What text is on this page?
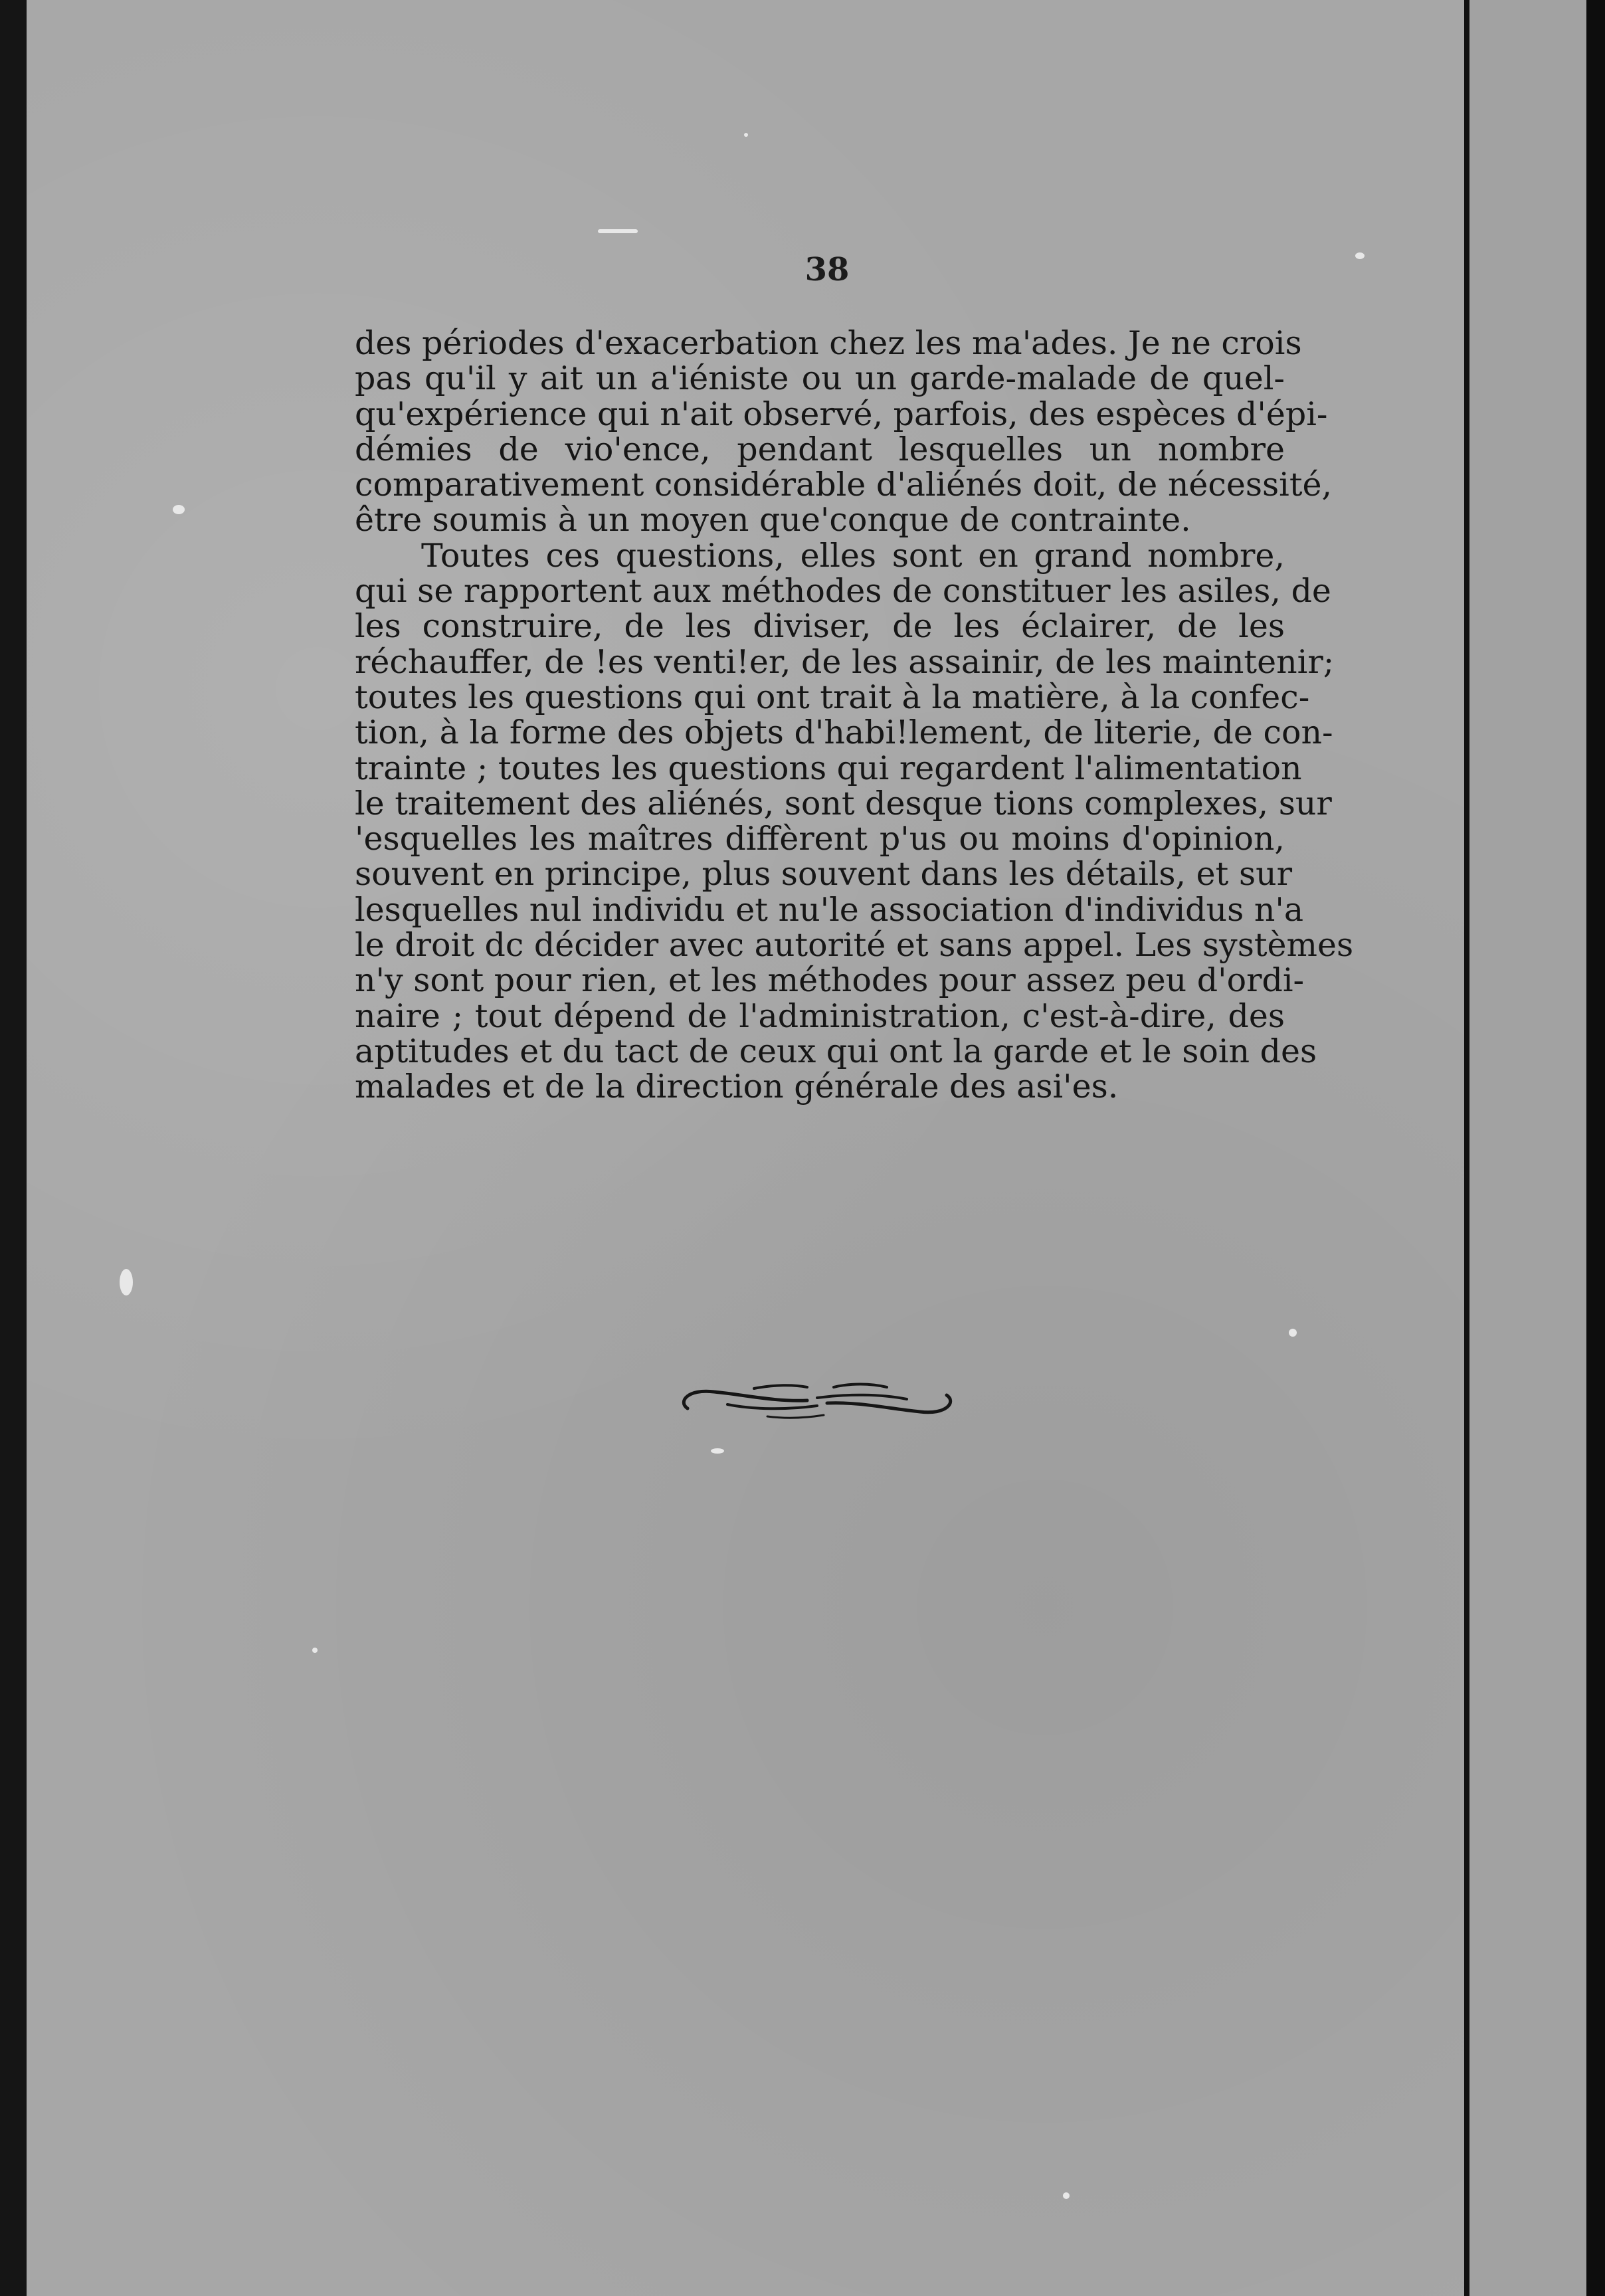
38

des périodes d'exacerbation chez les ma'ades. Je ne crois
pas qu'il y ait un a'iéniste ou un garde-malade de quel-
qu'expérience qui n'ait observé, parfois, des espèces d'épi-
démies de vio'ence, pendant lesquelles un nombre
comparativement considérable d'aliénés doit, de nécessité,
être soumis à un moyen que'conque de contrainte.

Toutes ces questions, elles sont en grand nombre,
qui se rapportent aux méthodes de constituer les asiles, de
les construire, de les diviser, de les éclairer, de les
réchauffer, de !es venti!er, de les assainir, de les maintenir;
toutes les questions qui ont trait à la matière, à la confec-
tion, à la forme des objets d'habi!lement, de literie, de con-
trainte ; toutes les questions qui regardent l'alimentation
le traitement des aliénés, sont desque tions complexes, sur
'esquelles les maîtres diffèrent p'us ou moins d'opinion,
souvent en principe, plus souvent dans les détails, et sur
lesquelles nul individu et nu'le association d'individus n'a
le droit dc décider avec autorité et sans appel. Les systèmes
n'y sont pour rien, et les méthodes pour assez peu d'ordi-
naire ; tout dépend de l'administration, c'est-à-dire, des
aptitudes et du tact de ceux qui ont la garde et le soin des
malades et de la direction générale des asi'es.
